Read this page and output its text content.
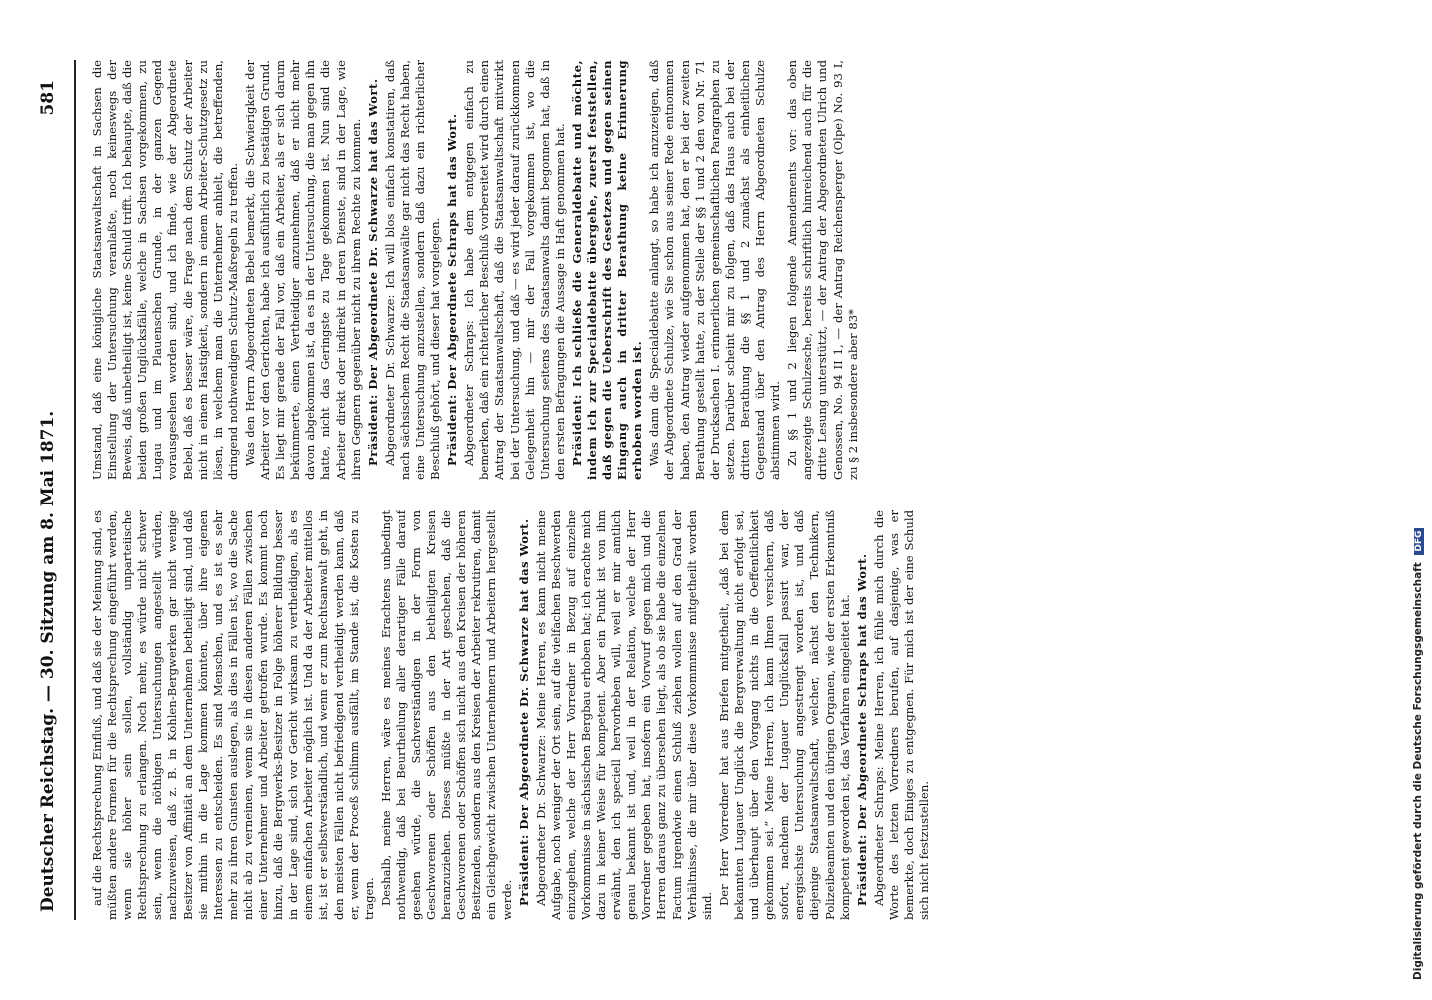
Deutscher Reichstag. — 30. Sitzung am 8. Mai 1871.
581

auf die Rechtsprechung Einfluß, und daß sie der Meinung sind, es müßten andere Formen für die Rechtsprechung eingeführt werden, wenn sie höher sein sollen, vollständig unparteiische Rechtsprechung zu erlangen. Noch mehr, es würde nicht schwer sein, wenn die nöthigen Untersuchungen angestellt würden, nachzuweisen, daß z. B. in Kohlen-Bergwerken gar nicht wenige Besitzer von Affinität an dem Unternehmen betheiligt sind, und daß sie mithin in die Lage kommen könnten, über ihre eigenen Interessen zu entscheiden. Es sind Menschen, und es ist es sehr mehr zu ihren Gunsten auslegen, als dies in Fällen ist, wo die Sache nicht ab zu verneinen, wenn sie in diesen anderen Fällen zwischen einer Unternehmer und Arbeiter getroffen wurde. Es kommt noch hinzu, daß die Bergwerks-Besitzer in Folge höherer Bildung besser in der Lage sind, sich vor Gericht wirksam zu vertheidigen, als es einem einfachen Arbeiter möglich ist. Und da der Arbeiter mittellos ist, ist er selbstverständlich, und wenn er zum Rechtsanwalt geht, in den meisten Fällen nicht befriedigend vertheidigt werden kann, daß er, wenn der Proceß schlimm ausfällt, im Stande ist, die Kosten zu tragen. Deshalb, meine Herren, wäre es meines Erachtens unbedingt nothwendig, daß bei Beurtheilung aller derartiger Fälle darauf gesehen würde, die Sachverständigen in der Form von Geschworenen oder Schöffen aus den betheiligten Kreisen heranzuziehen. Dieses müßte in der Art geschehen, daß die Geschworenen oder Schöffen sich nicht aus den Kreisen der höheren Besitzenden, sondern aus den Kreisen der Arbeiter rekrutiren, damit ein Gleichgewicht zwischen Unternehmern und Arbeitern hergestellt werde. Präsident: Der Abgeordnete Dr. Schwarze hat das Wort. Abgeordneter Dr. Schwarze: Meine Herren, es kann nicht meine Aufgabe, noch weniger der Ort sein, auf die vielfachen Beschwerden einzugehen, welche der Herr Vorredner in Bezug auf einzelne Vorkommnisse in sächsischen Bergbau erhoben hat; ich erachte mich dazu in keiner Weise für kompetent. Aber ein Punkt ist von ihm erwähnt, den ich speciell hervorheben will, weil er mir amtlich genau bekannt ist und, weil in der Relation, welche der Herr Vorredner gegeben hat, insofern ein Vorwurf gegen mich und die Herren daraus ganz zu übersehen liegt, als ob sie habe die einzelnen Factum irgendwie einen Schluß ziehen wollen auf den Grad der Verhältnisse, die mir über diese Vorkommnisse mitgetheilt worden sind. Der Herr Vorredner hat aus Briefen mitgetheilt, „daß bei dem bekannten Lugauer Unglück die Bergverwaltung nicht erfolgt sei, und überhaupt über den Vorgang nichts in die Oeffentlichkeit gekommen sei.“ Meine Herren, ich kann Ihnen versichern, daß sofort, nachdem der Lugauer Unglücksfall passirt war, der energischste Untersuchung angestrengt worden ist, und daß diejenige Staatsanwaltschaft, welcher, nächst den Technikern, Polizeibeamten und den übrigen Organen, wie der ersten Erkenntniß kompetent geworden ist, das Verfahren eingeleitet hat. Präsident: Der Abgeordnete Schraps hat das Wort. Abgeordneter Schraps: Meine Herren, ich fühle mich durch die Worte des letzten Vorredners berufen, auf dasjenige, was er bemerkte, doch Einiges zu entgegnen. Für mich ist der eine Schuld sich nicht festzustellen.

Umstand, daß eine königliche Staatsanwaltschaft in Sachsen die Einstellung der Untersuchung veranlaßte, noch keineswegs der Beweis, daß unbetheiligt ist, keine Schuld trifft. Ich behaupte, daß die beiden großen Unglücksfälle, welche in Sachsen vorgekommen, zu Lugau und im Plauenschen Grunde, in der ganzen Gegend vorausgesehen worden sind, und ich finde, wie der Abgeordnete Bebel, daß es besser wäre, die Frage nach dem Schutz der Arbeiter nicht in einem Hastigkeit, sondern in einem Arbeiter-Schutzgesetz zu lösen, in welchem man die Unternehmer anhielt, die betreffenden, dringend nothwendigen Schutz-Maßregeln zu treffen. Was den Herrn Abgeordneten Bebel bemerkt, die Schwierigkeit der Arbeiter vor den Gerichten, habe ich ausführlich zu bestätigen Grund. Es liegt mir gerade der Fall vor, daß ein Arbeiter, als er sich darum bekümmerte, einen Vertheidiger anzunehmen, daß er nicht mehr davon abgekommen ist, da es in der Untersuchung, die man gegen ihn hatte, nicht das Geringste zu Tage gekommen ist. Nun sind die Arbeiter direkt oder indirekt in deren Dienste, sind in der Lage, wie ihren Gegnern gegenüber nicht zu ihrem Rechte zu kommen. Präsident: Der Abgeordnete Dr. Schwarze hat das Wort. Abgeordneter Dr. Schwarze: Ich will blos einfach konstatiren, daß nach sächsischem Recht die Staatsanwälte gar nicht das Recht haben, eine Untersuchung anzustellen, sondern daß dazu ein richterlicher Beschluß gehört, und dieser hat vorgelegen. Präsident: Der Abgeordnete Schraps hat das Wort. Abgeordneter Schraps: Ich habe dem entgegen einfach zu bemerken, daß ein richterlicher Beschluß vorbereitet wird durch einen Antrag der Staatsanwaltschaft, daß die Staatsanwaltschaft mitwirkt bei der Untersuchung, und daß — es wird jeder darauf zurückkommen Gelegenheit hin — mir der Fall vorgekommen ist, wo die Untersuchung seitens des Staatsanwalts damit begonnen hat, daß in den ersten Befragungen die Aussage in Haft genommen hat. Präsident: Ich schließe die Generaldebatte und möchte, indem ich zur Specialdebatte übergehe, zuerst feststellen, daß gegen die Ueberschrift des Gesetzes und gegen seinen Eingang auch in dritter Berathung keine Erinnerung erhoben worden ist. Was dann die Specialdebatte anlangt, so habe ich anzuzeigen, daß der Abgeordnete Schulze, wie Sie schon aus seiner Rede entnommen haben, den Antrag wieder aufgenommen hat, den er bei der zweiten Berathung gestellt hatte, zu der Stelle der §§ 1 und 2 den von Nr. 71 der Drucksachen I. erinnerlichen gemeinschaftlichen Paragraphen zu setzen. Darüber scheint mir zu folgen, daß das Haus auch bei der dritten Berathung die §§ 1 und 2 zunächst als einheitlichen Gegenstand über den Antrag des Herrn Abgeordneten Schulze abstimmen wird. Zu §§ 1 und 2 liegen folgende Amendements vor: das oben angezeigte Schulzesche, bereits schriftlich hinreichend auch für die dritte Lesung unterstützt, — der Antrag der Abgeordneten Ulrich und Genossen, No. 94 II 1, — der Antrag Reichensperger (Olpe) No. 93 I, zu § 2 insbesondere aber 83*

Digitalisierung gefördert durch die Deutsche Forschungsgemeinschaft DFG
